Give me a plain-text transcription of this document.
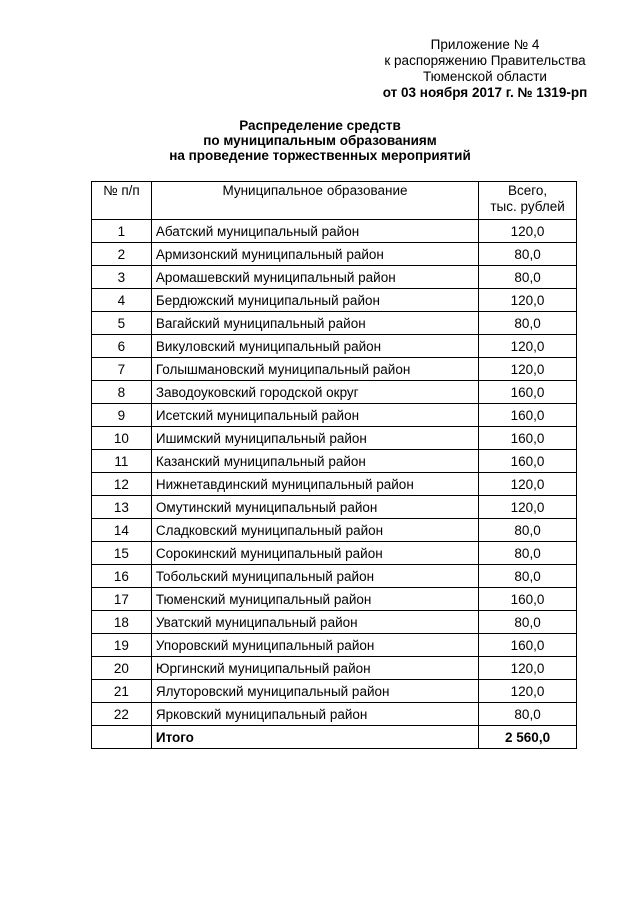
Приложение № 4
к распоряжению Правительства
Тюменской области
от 03 ноября 2017 г. № 1319-рп
Распределение средств
по муниципальным образованиям
на проведение торжественных мероприятий
№ п/п	Муниципальное образование	Всего,
тыс. рублей

1	Абатский муниципальный район	120,0
2	Армизонский муниципальный район	80,0
3	Аромашевский муниципальный район	80,0
4	Бердюжский муниципальный район	120,0
5	Вагайский муниципальный район	80,0
6	Викуловский муниципальный район	120,0
7	Голышмановский муниципальный район	120,0
8	Заводоуковский городской округ	160,0
9	Исетский муниципальный район	160,0
10	Ишимский муниципальный район	160,0
11	Казанский муниципальный район	160,0
12	Нижнетавдинский муниципальный район	120,0
13	Омутинский муниципальный район	120,0
14	Сладковский муниципальный район	80,0
15	Сорокинский муниципальный район	80,0
16	Тобольский муниципальный район	80,0
17	Тюменский муниципальный район	160,0
18	Уватский муниципальный район	80,0
19	Упоровский муниципальный район	160,0
20	Юргинский муниципальный район	120,0
21	Ялуторовский муниципальный район	120,0
22	Ярковский муниципальный район	80,0
	Итого	2 560,0
